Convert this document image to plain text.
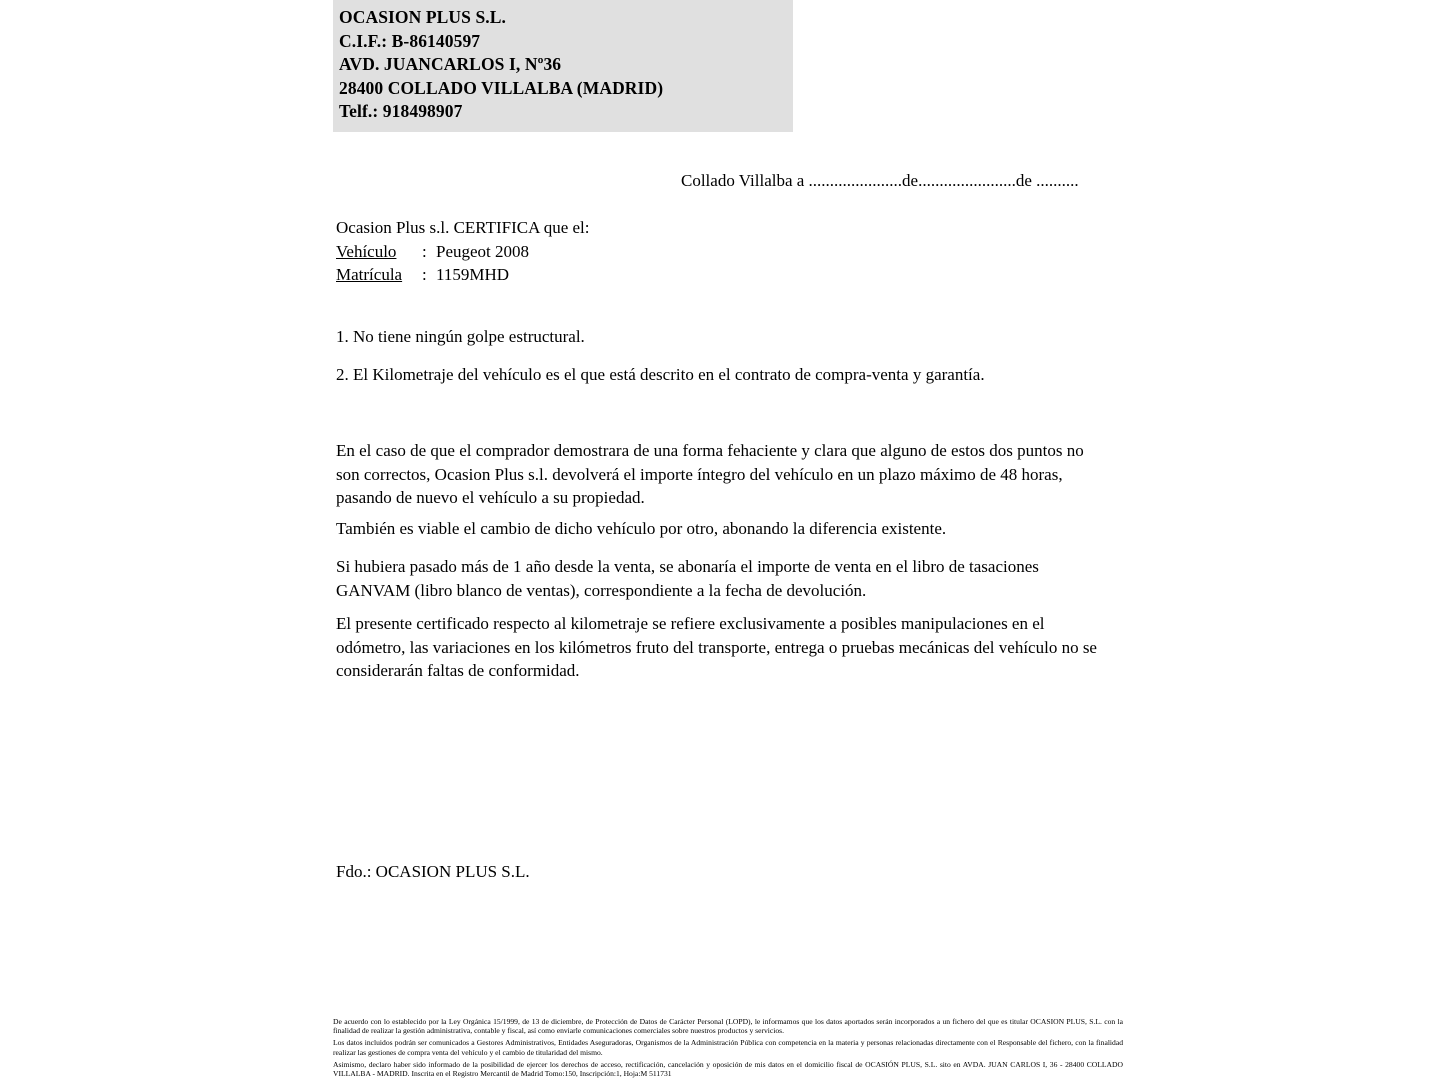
OCASION PLUS S.L.
C.I.F.: B-86140597
AVD. JUANCARLOS I, Nº36
28400 COLLADO VILLALBA (MADRID)
Telf.: 918498907
Collado Villalba a ......................de.......................de ..........
Ocasion Plus s.l. CERTIFICA que el:
Vehículo	: Peugeot 2008
Matrícula	: 1159MHD
1. No tiene ningún golpe estructural.
2. El Kilometraje del vehículo es el que está descrito en el contrato de compra-venta y garantía.
En el caso de que el comprador demostrara de una forma fehaciente y clara que alguno de estos dos puntos no son correctos, Ocasion Plus s.l. devolverá el importe íntegro del vehículo en un plazo máximo de 48 horas, pasando de nuevo el vehículo a su propiedad.
También es viable el cambio de dicho vehículo por otro, abonando la diferencia existente.
Si hubiera pasado más de 1 año desde la venta, se abonaría el importe de venta en el libro de tasaciones GANVAM (libro blanco de ventas), correspondiente a la fecha de devolución.
El presente certificado respecto al kilometraje se refiere exclusivamente a posibles manipulaciones en el odómetro, las variaciones en los kilómetros fruto del transporte, entrega o pruebas mecánicas del vehículo no se considerarán faltas de conformidad.
Fdo.: OCASION PLUS S.L.

De acuerdo con lo establecido por la Ley Orgánica 15/1999, de 13 de diciembre, de Protección de Datos de Carácter Personal (LOPD), le informamos que los datos aportados serán incorporados a un fichero del que es titular OCASION PLUS, S.L. con la finalidad de realizar la gestión administrativa, contable y fiscal, así como enviarle comunicaciones comerciales sobre nuestros productos y servicios.

Los datos incluidos podrán ser comunicados a Gestores Administrativos, Entidades Aseguradoras, Organismos de la Administración Pública con competencia en la materia y personas relacionadas directamente con el Responsable del fichero, con la finalidad realizar las gestiones de compra venta del vehículo y el cambio de titularidad del mismo.

Asimismo, declaro haber sido informado de la posibilidad de ejercer los derechos de acceso, rectificación, cancelación y oposición de mis datos en el domicilio fiscal de OCASIÓN PLUS, S.L. sito en AVDA. JUAN CARLOS I, 36 - 28400 COLLADO VILLALBA - MADRID. Inscrita en el Registro Mercantil de Madrid Tomo:150, Inscripción:1, Hoja:M 511731
